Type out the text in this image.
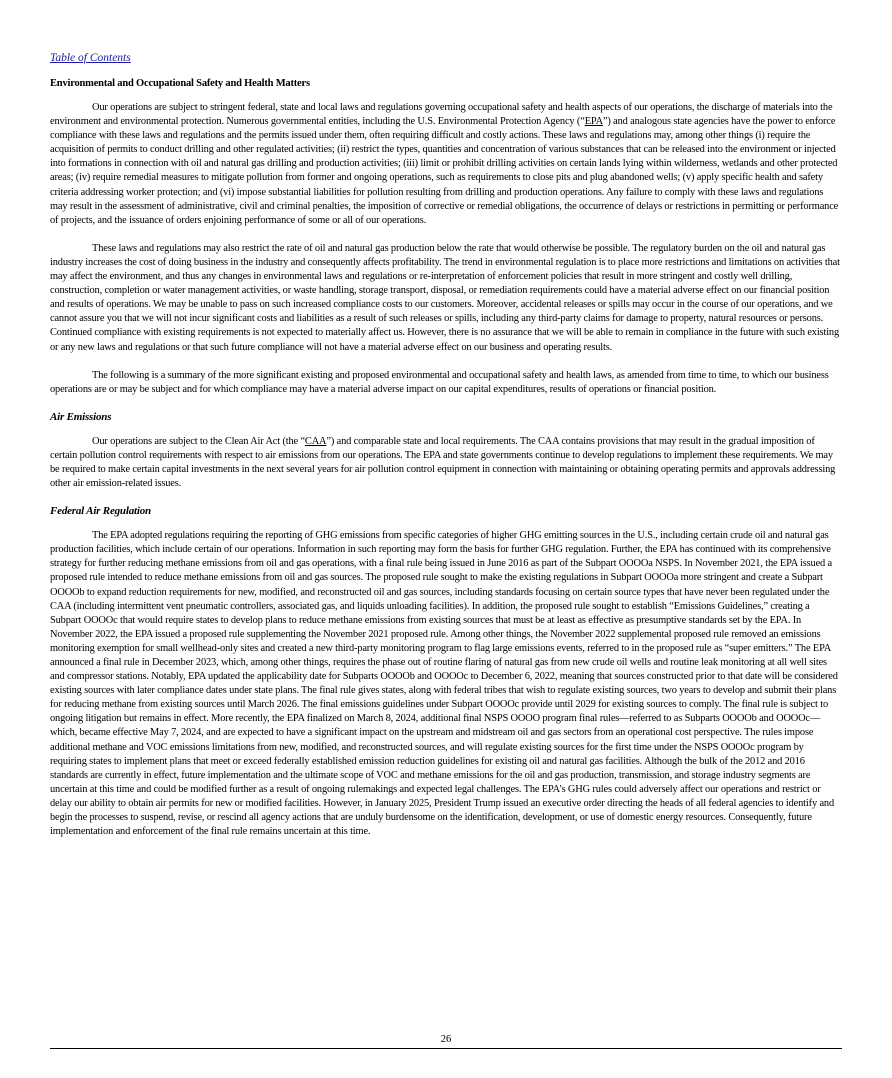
Table of Contents
Environmental and Occupational Safety and Health Matters

Our operations are subject to stringent federal, state and local laws and regulations governing occupational safety and health aspects of our operations, the discharge of materials into the environment and environmental protection. Numerous governmental entities, including the U.S. Environmental Protection Agency (“EPA”) and analogous state agencies have the power to enforce compliance with these laws and regulations and the permits issued under them, often requiring difficult and costly actions. These laws and regulations may, among other things (i) require the acquisition of permits to conduct drilling and other regulated activities; (ii) restrict the types, quantities and concentration of various substances that can be released into the environment or injected into formations in connection with oil and natural gas drilling and production activities; (iii) limit or prohibit drilling activities on certain lands lying within wilderness, wetlands and other protected areas; (iv) require remedial measures to mitigate pollution from former and ongoing operations, such as requirements to close pits and plug abandoned wells; (v) apply specific health and safety criteria addressing worker protection; and (vi) impose substantial liabilities for pollution resulting from drilling and production operations. Any failure to comply with these laws and regulations may result in the assessment of administrative, civil and criminal penalties, the imposition of corrective or remedial obligations, the occurrence of delays or restrictions in permitting or performance of projects, and the issuance of orders enjoining performance of some or all of our operations.

These laws and regulations may also restrict the rate of oil and natural gas production below the rate that would otherwise be possible. The regulatory burden on the oil and natural gas industry increases the cost of doing business in the industry and consequently affects profitability. The trend in environmental regulation is to place more restrictions and limitations on activities that may affect the environment, and thus any changes in environmental laws and regulations or re-interpretation of enforcement policies that result in more stringent and costly well drilling, construction, completion or water management activities, or waste handling, storage transport, disposal, or remediation requirements could have a material adverse effect on our financial position and results of operations. We may be unable to pass on such increased compliance costs to our customers. Moreover, accidental releases or spills may occur in the course of our operations, and we cannot assure you that we will not incur significant costs and liabilities as a result of such releases or spills, including any third-party claims for damage to property, natural resources or persons. Continued compliance with existing requirements is not expected to materially affect us. However, there is no assurance that we will be able to remain in compliance in the future with such existing or any new laws and regulations or that such future compliance will not have a material adverse effect on our business and operating results.

The following is a summary of the more significant existing and proposed environmental and occupational safety and health laws, as amended from time to time, to which our business operations are or may be subject and for which compliance may have a material adverse impact on our capital expenditures, results of operations or financial position.

Air Emissions

Our operations are subject to the Clean Air Act (the “CAA”) and comparable state and local requirements. The CAA contains provisions that may result in the gradual imposition of certain pollution control requirements with respect to air emissions from our operations. The EPA and state governments continue to develop regulations to implement these requirements. We may be required to make certain capital investments in the next several years for air pollution control equipment in connection with maintaining or obtaining operating permits and approvals addressing other air emission-related issues.

Federal Air Regulation

The EPA adopted regulations requiring the reporting of GHG emissions from specific categories of higher GHG emitting sources in the U.S., including certain crude oil and natural gas production facilities, which include certain of our operations. Information in such reporting may form the basis for further GHG regulation. Further, the EPA has continued with its comprehensive strategy for further reducing methane emissions from oil and gas operations, with a final rule being issued in June 2016 as part of the Subpart OOOOa NSPS. In November 2021, the EPA issued a proposed rule intended to reduce methane emissions from oil and gas sources. The proposed rule sought to make the existing regulations in Subpart OOOOa more stringent and create a Subpart OOOOb to expand reduction requirements for new, modified, and reconstructed oil and gas sources, including standards focusing on certain source types that have never been regulated under the CAA (including intermittent vent pneumatic controllers, associated gas, and liquids unloading facilities). In addition, the proposed rule sought to establish “Emissions Guidelines,” creating a Subpart OOOOc that would require states to develop plans to reduce methane emissions from existing sources that must be at least as effective as presumptive standards set by the EPA. In November 2022, the EPA issued a proposed rule supplementing the November 2021 proposed rule. Among other things, the November 2022 supplemental proposed rule removed an emissions monitoring exemption for small wellhead-only sites and created a new third-party monitoring program to flag large emissions events, referred to in the proposed rule as “super emitters.” The EPA announced a final rule in December 2023, which, among other things, requires the phase out of routine flaring of natural gas from new crude oil wells and routine leak monitoring at all well sites and compressor stations. Notably, EPA updated the applicability date for Subparts OOOOb and OOOOc to December 6, 2022, meaning that sources constructed prior to that date will be considered existing sources with later compliance dates under state plans. The final rule gives states, along with federal tribes that wish to regulate existing sources, two years to develop and submit their plans for reducing methane from existing sources until March 2026. The final emissions guidelines under Subpart OOOOc provide until 2029 for existing sources to comply. The final rule is subject to ongoing litigation but remains in effect. More recently, the EPA finalized on March 8, 2024, additional final NSPS OOOO program final rules—referred to as Subparts OOOOb and OOOOc—which, became effective May 7, 2024, and are expected to have a significant impact on the upstream and midstream oil and gas sectors from an operational cost perspective. The rules impose additional methane and VOC emissions limitations from new, modified, and reconstructed sources, and will regulate existing sources for the first time under the NSPS OOOOc program by requiring states to implement plans that meet or exceed federally established emission reduction guidelines for existing oil and natural gas facilities. Although the bulk of the 2012 and 2016 standards are currently in effect, future implementation and the ultimate scope of VOC and methane emissions for the oil and gas production, transmission, and storage industry segments are uncertain at this time and could be modified further as a result of ongoing rulemakings and expected legal challenges. The EPA’s GHG rules could adversely affect our operations and restrict or delay our ability to obtain air permits for new or modified facilities. However, in January 2025, President Trump issued an executive order directing the heads of all federal agencies to identify and begin the processes to suspend, revise, or rescind all agency actions that are unduly burdensome on the identification, development, or use of domestic energy resources. Consequently, future implementation and enforcement of the final rule remains uncertain at this time.

26
